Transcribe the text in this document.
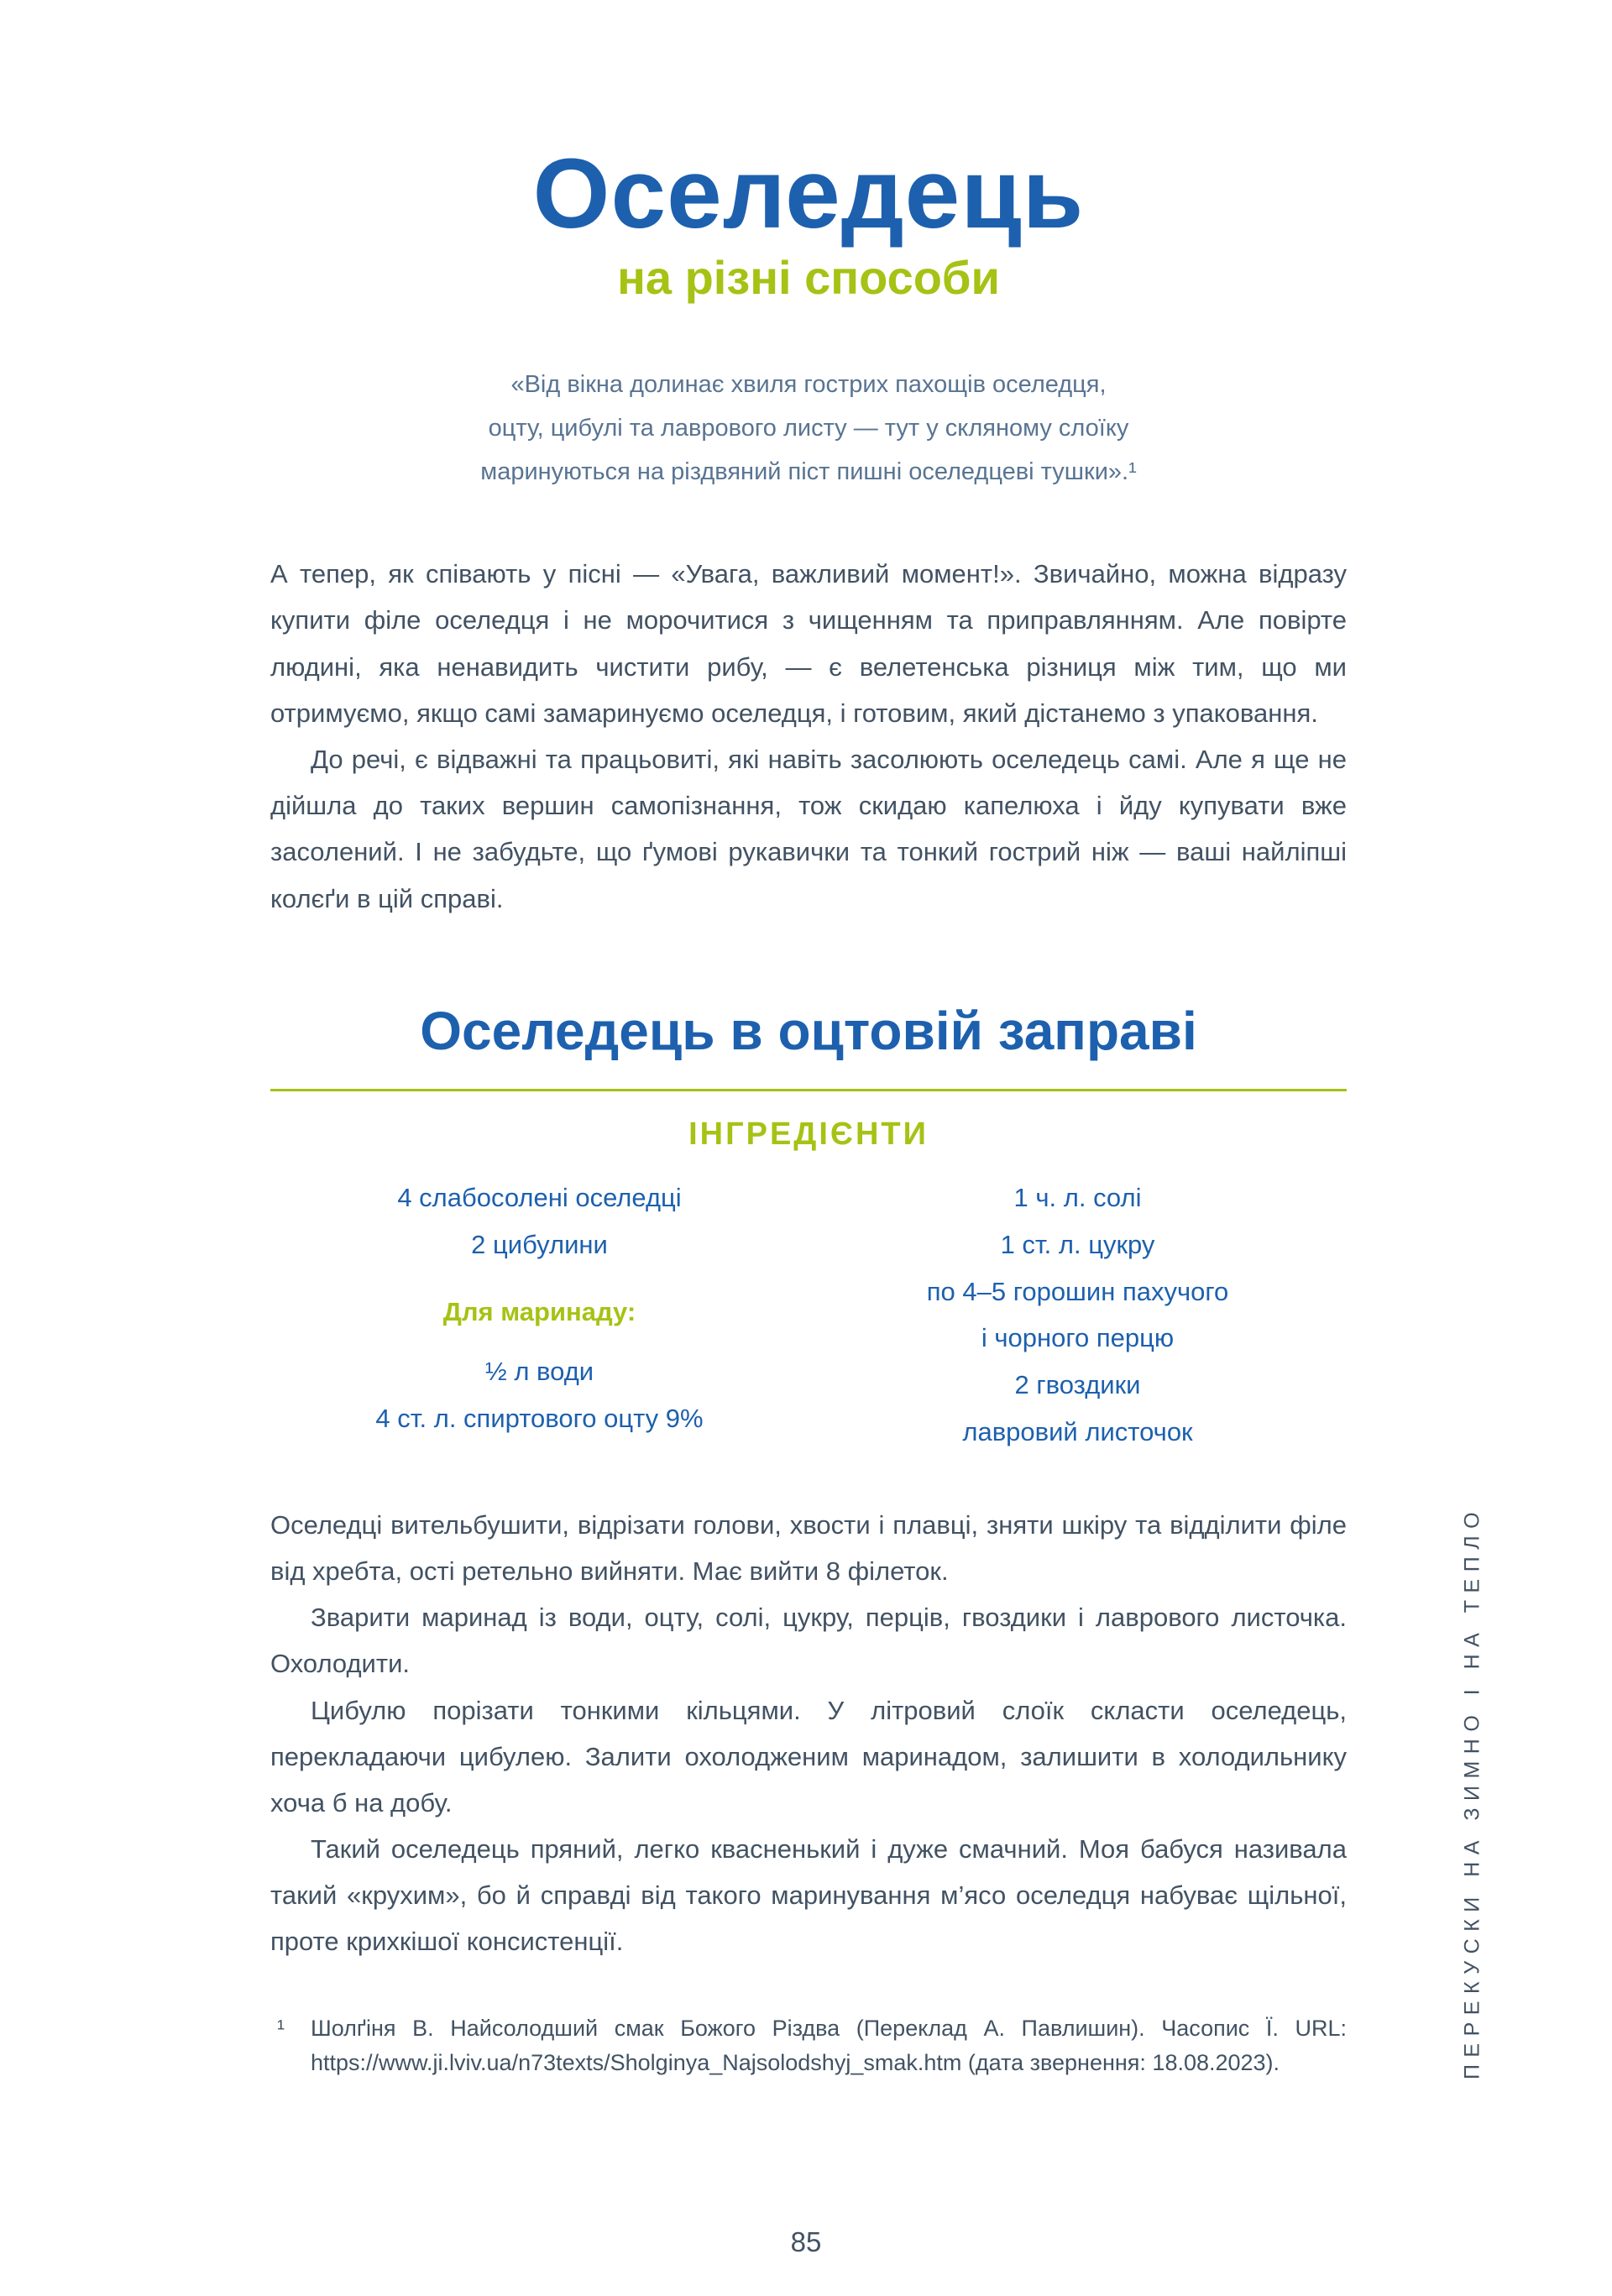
Оселедець
на різні способи
«Від вікна долинає хвиля гострих пахощів оселедця,
оцту, цибулі та лаврового листу — тут у скляному слоїку
маринуються на різдвяний піст пишні оселедцеві тушки».¹

А тепер, як співають у пісні — «Увага, важливий момент!». Звичайно, можна відразу купити філе оселедця і не морочитися з чищенням та приправлянням. Але повірте людині, яка ненавидить чистити рибу, — є велетенська різниця між тим, що ми отримуємо, якщо самі замаринуємо оселедця, і готовим, який дістанемо з упаковання.

До речі, є відважні та працьовиті, які навіть засолюють оселедець самі. Але я ще не дійшла до таких вершин самопізнання, тож скидаю капелюха і йду купувати вже засолений. І не забудьте, що ґумові рукавички та тонкий гострий ніж — ваші найліпші колєґи в цій справі.

Оселедець в оцтовій заправі
ІНГРЕДІЄНТИ
4 слабосолені оселедці
2 цибулини
Для маринаду:
½ л води
4 ст. л. спиртового оцту 9%
1 ч. л. солі
1 ст. л. цукру
по 4–5 горошин пахучого
і чорного перцю
2 гвоздики
лавровий листочок

Оселедці вительбушити, відрізати голови, хвости і плавці, зняти шкіру та відділити філе від хребта, ості ретельно вийняти. Має вийти 8 філеток.

Зварити маринад із води, оцту, солі, цукру, перців, гвоздики і лаврового листочка. Охолодити.

Цибулю порізати тонкими кільцями. У літровий слоїк скласти оселедець, перекладаючи цибулею. Залити охолодженим маринадом, залишити в холодильнику хоча б на добу.

Такий оселедець пряний, легко квасненький і дуже смачний. Моя бабуся називала такий «крухим», бо й справді від такого маринування м’ясо оселедця набуває щільної, проте крихкішої консистенції.

¹	Шолґіня В. Найсолодший смак Божого Різдва (Переклад А. Павлишин). Часопис Ї. URL: https://www.ji.lviv.ua/n73texts/Sholginya_Najsolodshyj_smak.htm (дата звернення: 18.08.2023).	ПЕРЕКУСКИ НА ЗИМНО І НА ТЕПЛО
85
